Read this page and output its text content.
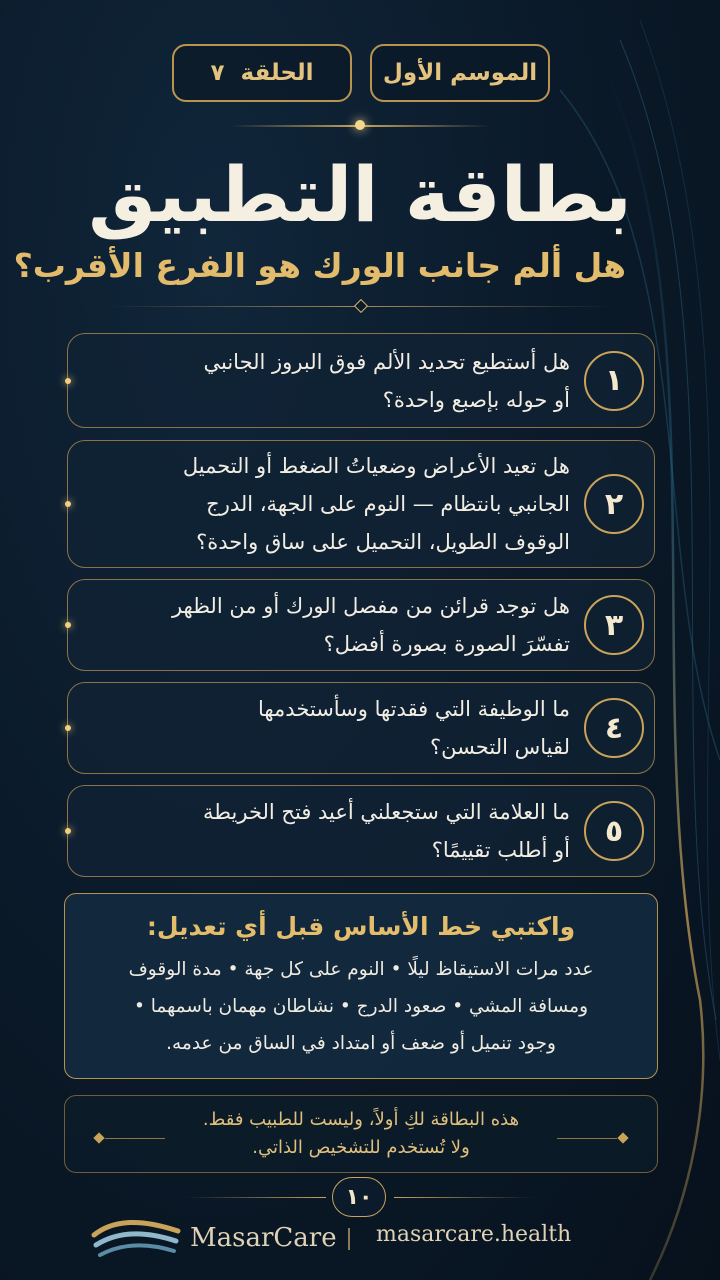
الموسم الأول
الحلقة
٧
بطاقة التطبيق
هل ألم جانب الورك هو الفرع الأقرب؟
١
هل أستطيع تحديد الألم فوق البروز الجانبي
أو حوله بإصبع واحدة؟
٢
هل تعيد الأعراض وضعياتُ الضغط أو التحميل
الجانبي بانتظام — النوم على الجهة، الدرج
الوقوف الطويل، التحميل على ساق واحدة؟
٣
هل توجد قرائن من مفصل الورك أو من الظهر
تفسّرَ الصورة بصورة أفضل؟
٤
ما الوظيفة التي فقدتها وسأستخدمها
لقياس التحسن؟
٥
ما العلامة التي ستجعلني أعيد فتح الخريطة
أو أطلب تقييمًا؟
واكتبي خط الأساس قبل أي تعديل:
عدد مرات الاستيقاظ ليلًا • النوم على كل جهة • مدة الوقوف
ومسافة المشي • صعود الدرج • نشاطان مهمان باسمهما •
وجود تنميل أو ضعف أو امتداد في الساق من عدمه.
هذه البطاقة لكِ أولاً، وليست للطبيب فقط.
ولا تُستخدم للتشخيص الذاتي.
١٠
MasarCare masarcare.health
